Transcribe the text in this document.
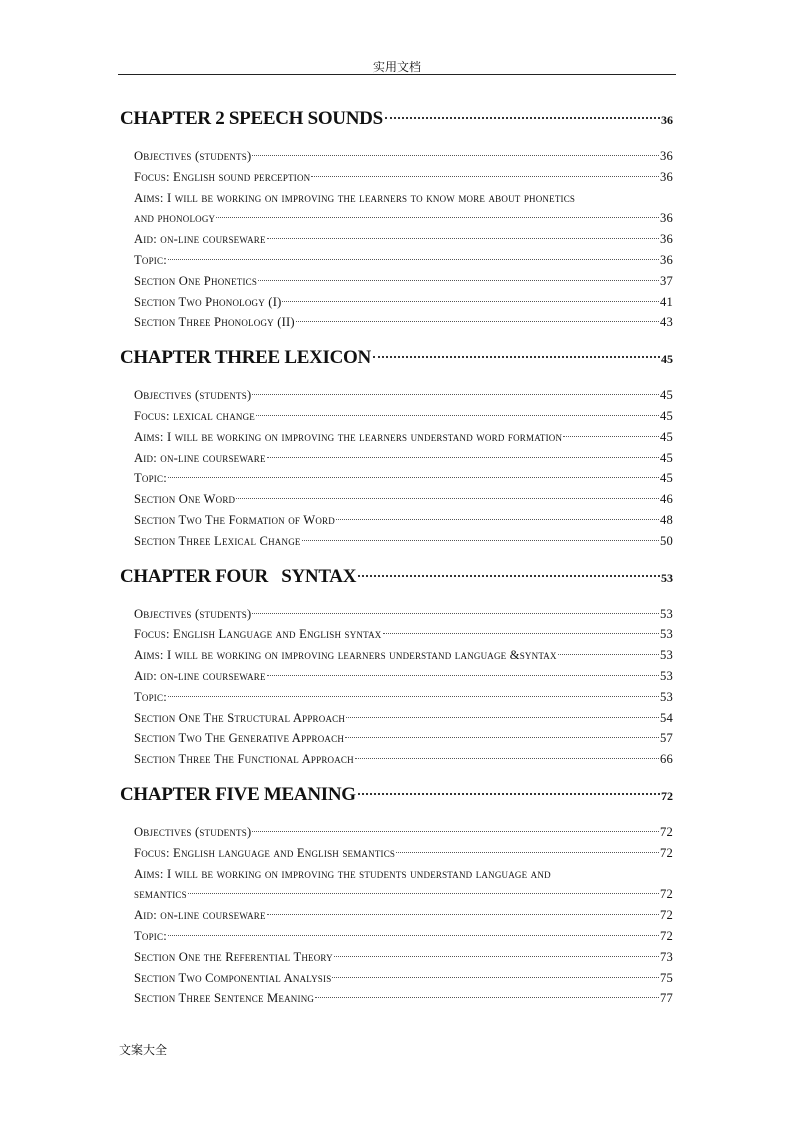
实用文档
CHAPTER 2 SPEECH SOUNDS	36
Objectives (students)	36
Focus: English sound perception	36
Aims: I will be working on improving the learners to know more about phonetics
and phonology	36
Aid: on-line courseware	36
Topic:	36
Section One Phonetics	37
Section Two Phonology (I)	41
Section Three Phonology (II)	43
CHAPTER THREE LEXICON	45
Objectives (students)	45
Focus: lexical change	45
Aims: I will be working on improving the learners understand word formation	45
Aid: on-line courseware	45
Topic:	45
Section One Word	46
Section Two The Formation of Word	48
Section Three Lexical Change	50
CHAPTER FOUR   SYNTAX	53
Objectives (students)	53
Focus: English Language and English syntax	53
Aims: I will be working on improving learners understand language &syntax	53
Aid: on-line courseware	53
Topic:	53
Section One The Structural Approach	54
Section Two The Generative Approach	57
Section Three The Functional Approach	66
CHAPTER FIVE MEANING	72
Objectives (students)	72
Focus: English language and English semantics	72
Aims: I will be working on improving the students understand language and
semantics	72
Aid: on-line courseware	72
Topic:	72
Section One the Referential Theory	73
Section Two Componential Analysis	75
Section Three Sentence Meaning	77
文案大全
